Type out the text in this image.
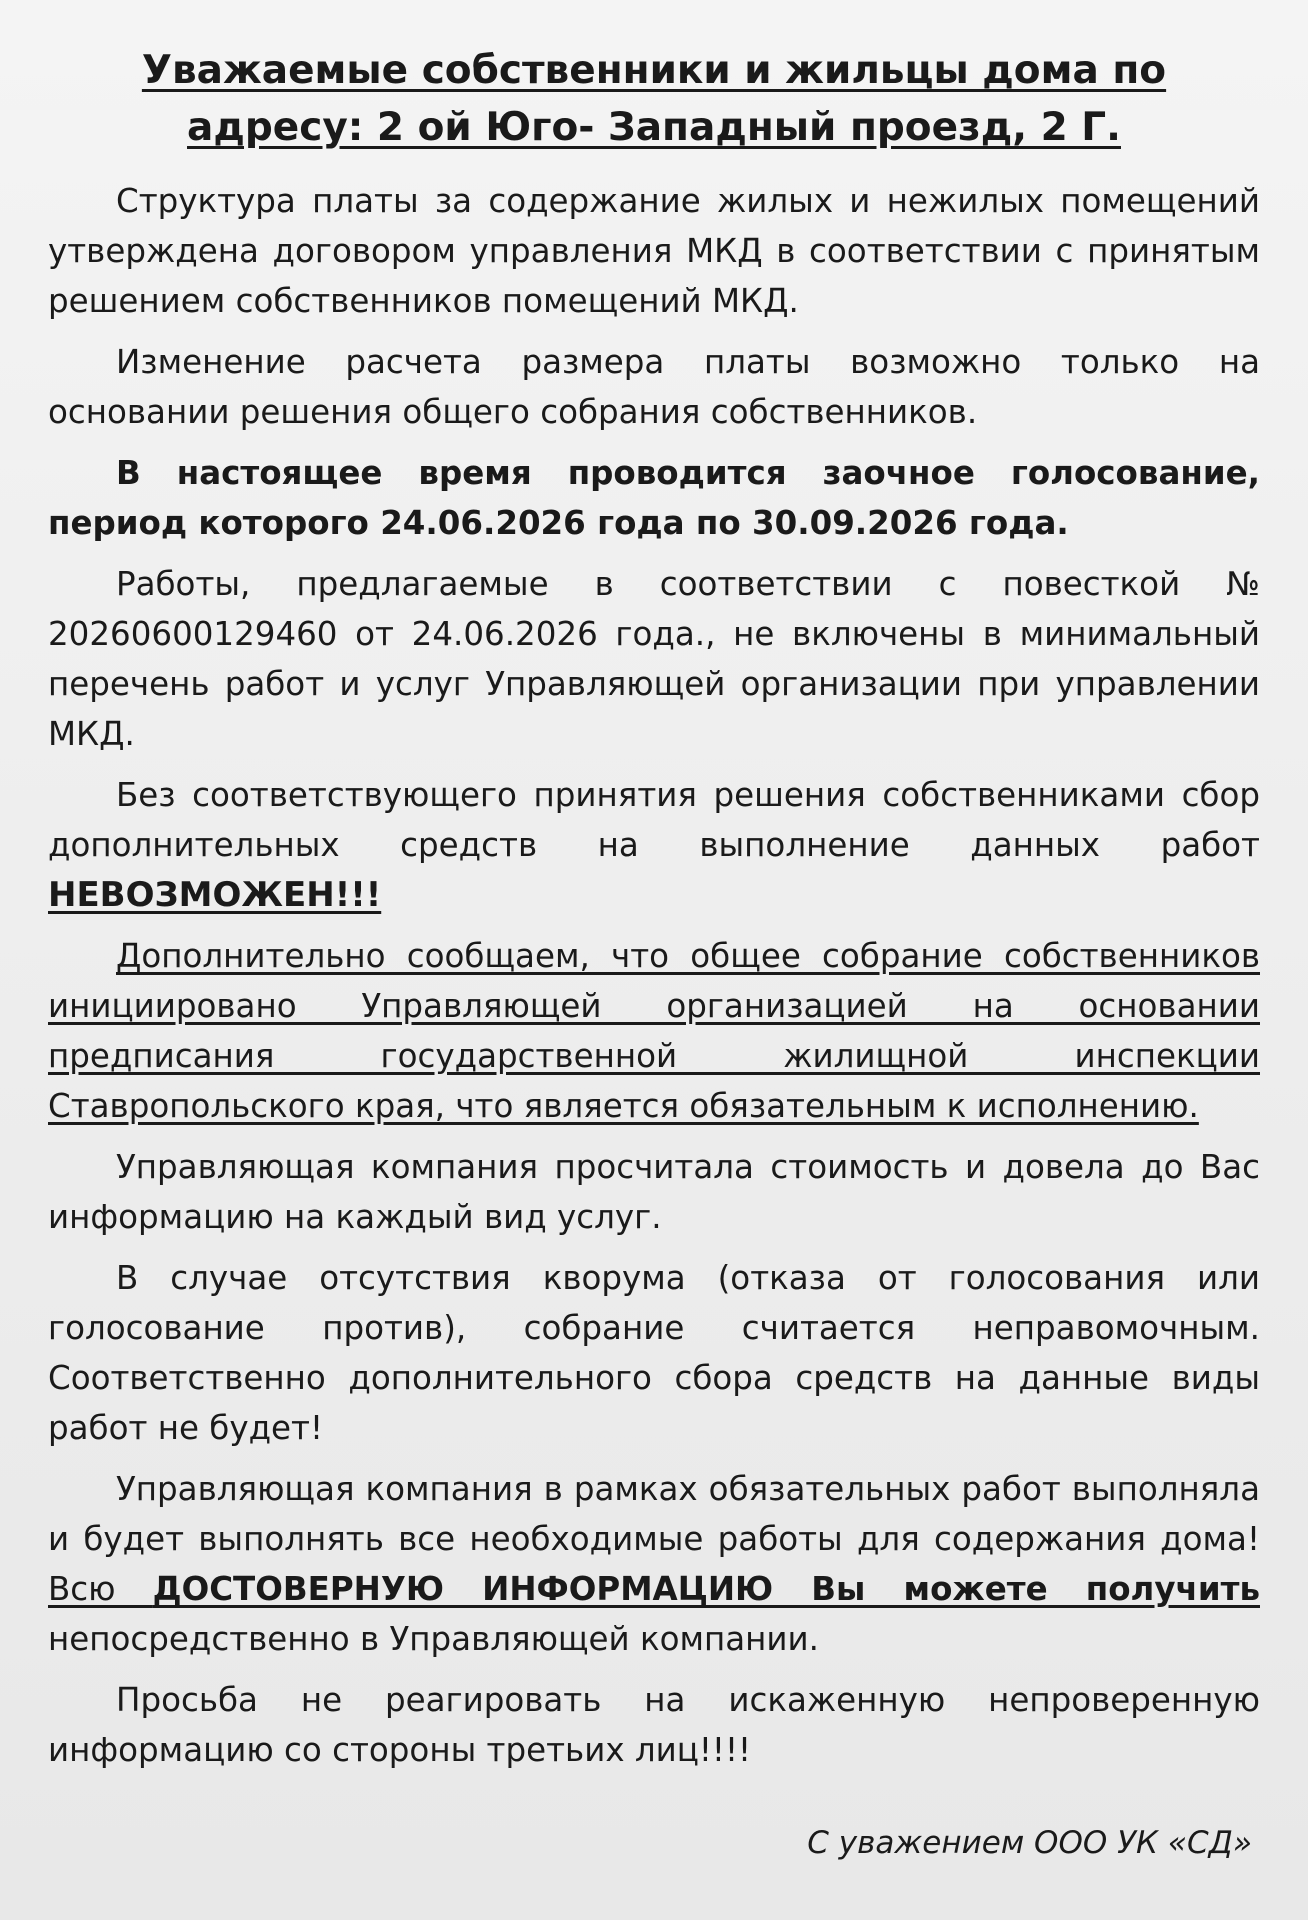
Уважаемые собственники и жильцы дома по адресу: 2 ой Юго- Западный проезд, 2 Г.

Структура платы за содержание жилых и нежилых помещений утверждена договором управления МКД в соответствии с принятым решением собственников помещений МКД.

Изменение расчета размера платы возможно только на основании решения общего собрания собственников.

В настоящее время проводится заочное голосование, период которого 24.06.2026 года по 30.09.2026 года.

Работы, предлагаемые в соответствии с повесткой № 20260600129460 от 24.06.2026 года., не включены в минимальный перечень работ и услуг Управляющей организации при управлении МКД.

Без соответствующего принятия решения собственниками сбор дополнительных средств на выполнение данных работ НЕВОЗМОЖЕН!!!

Дополнительно сообщаем, что общее собрание собственников инициировано Управляющей организацией на основании предписания государственной жилищной инспекции Ставропольского края, что является обязательным к исполнению.

Управляющая компания просчитала стоимость и довела до Вас информацию на каждый вид услуг.

В случае отсутствия кворума (отказа от голосования или голосование против), собрание считается неправомочным. Соответственно дополнительного сбора средств на данные виды работ не будет!

Управляющая компания в рамках обязательных работ выполняла и будет выполнять все необходимые работы для содержания дома! Всю ДОСТОВЕРНУЮ ИНФОРМАЦИЮ Вы можете получить непосредственно в Управляющей компании.

Просьба не реагировать на искаженную непроверенную информацию со стороны третьих лиц!!!!

С уважением ООО УК «СД»
